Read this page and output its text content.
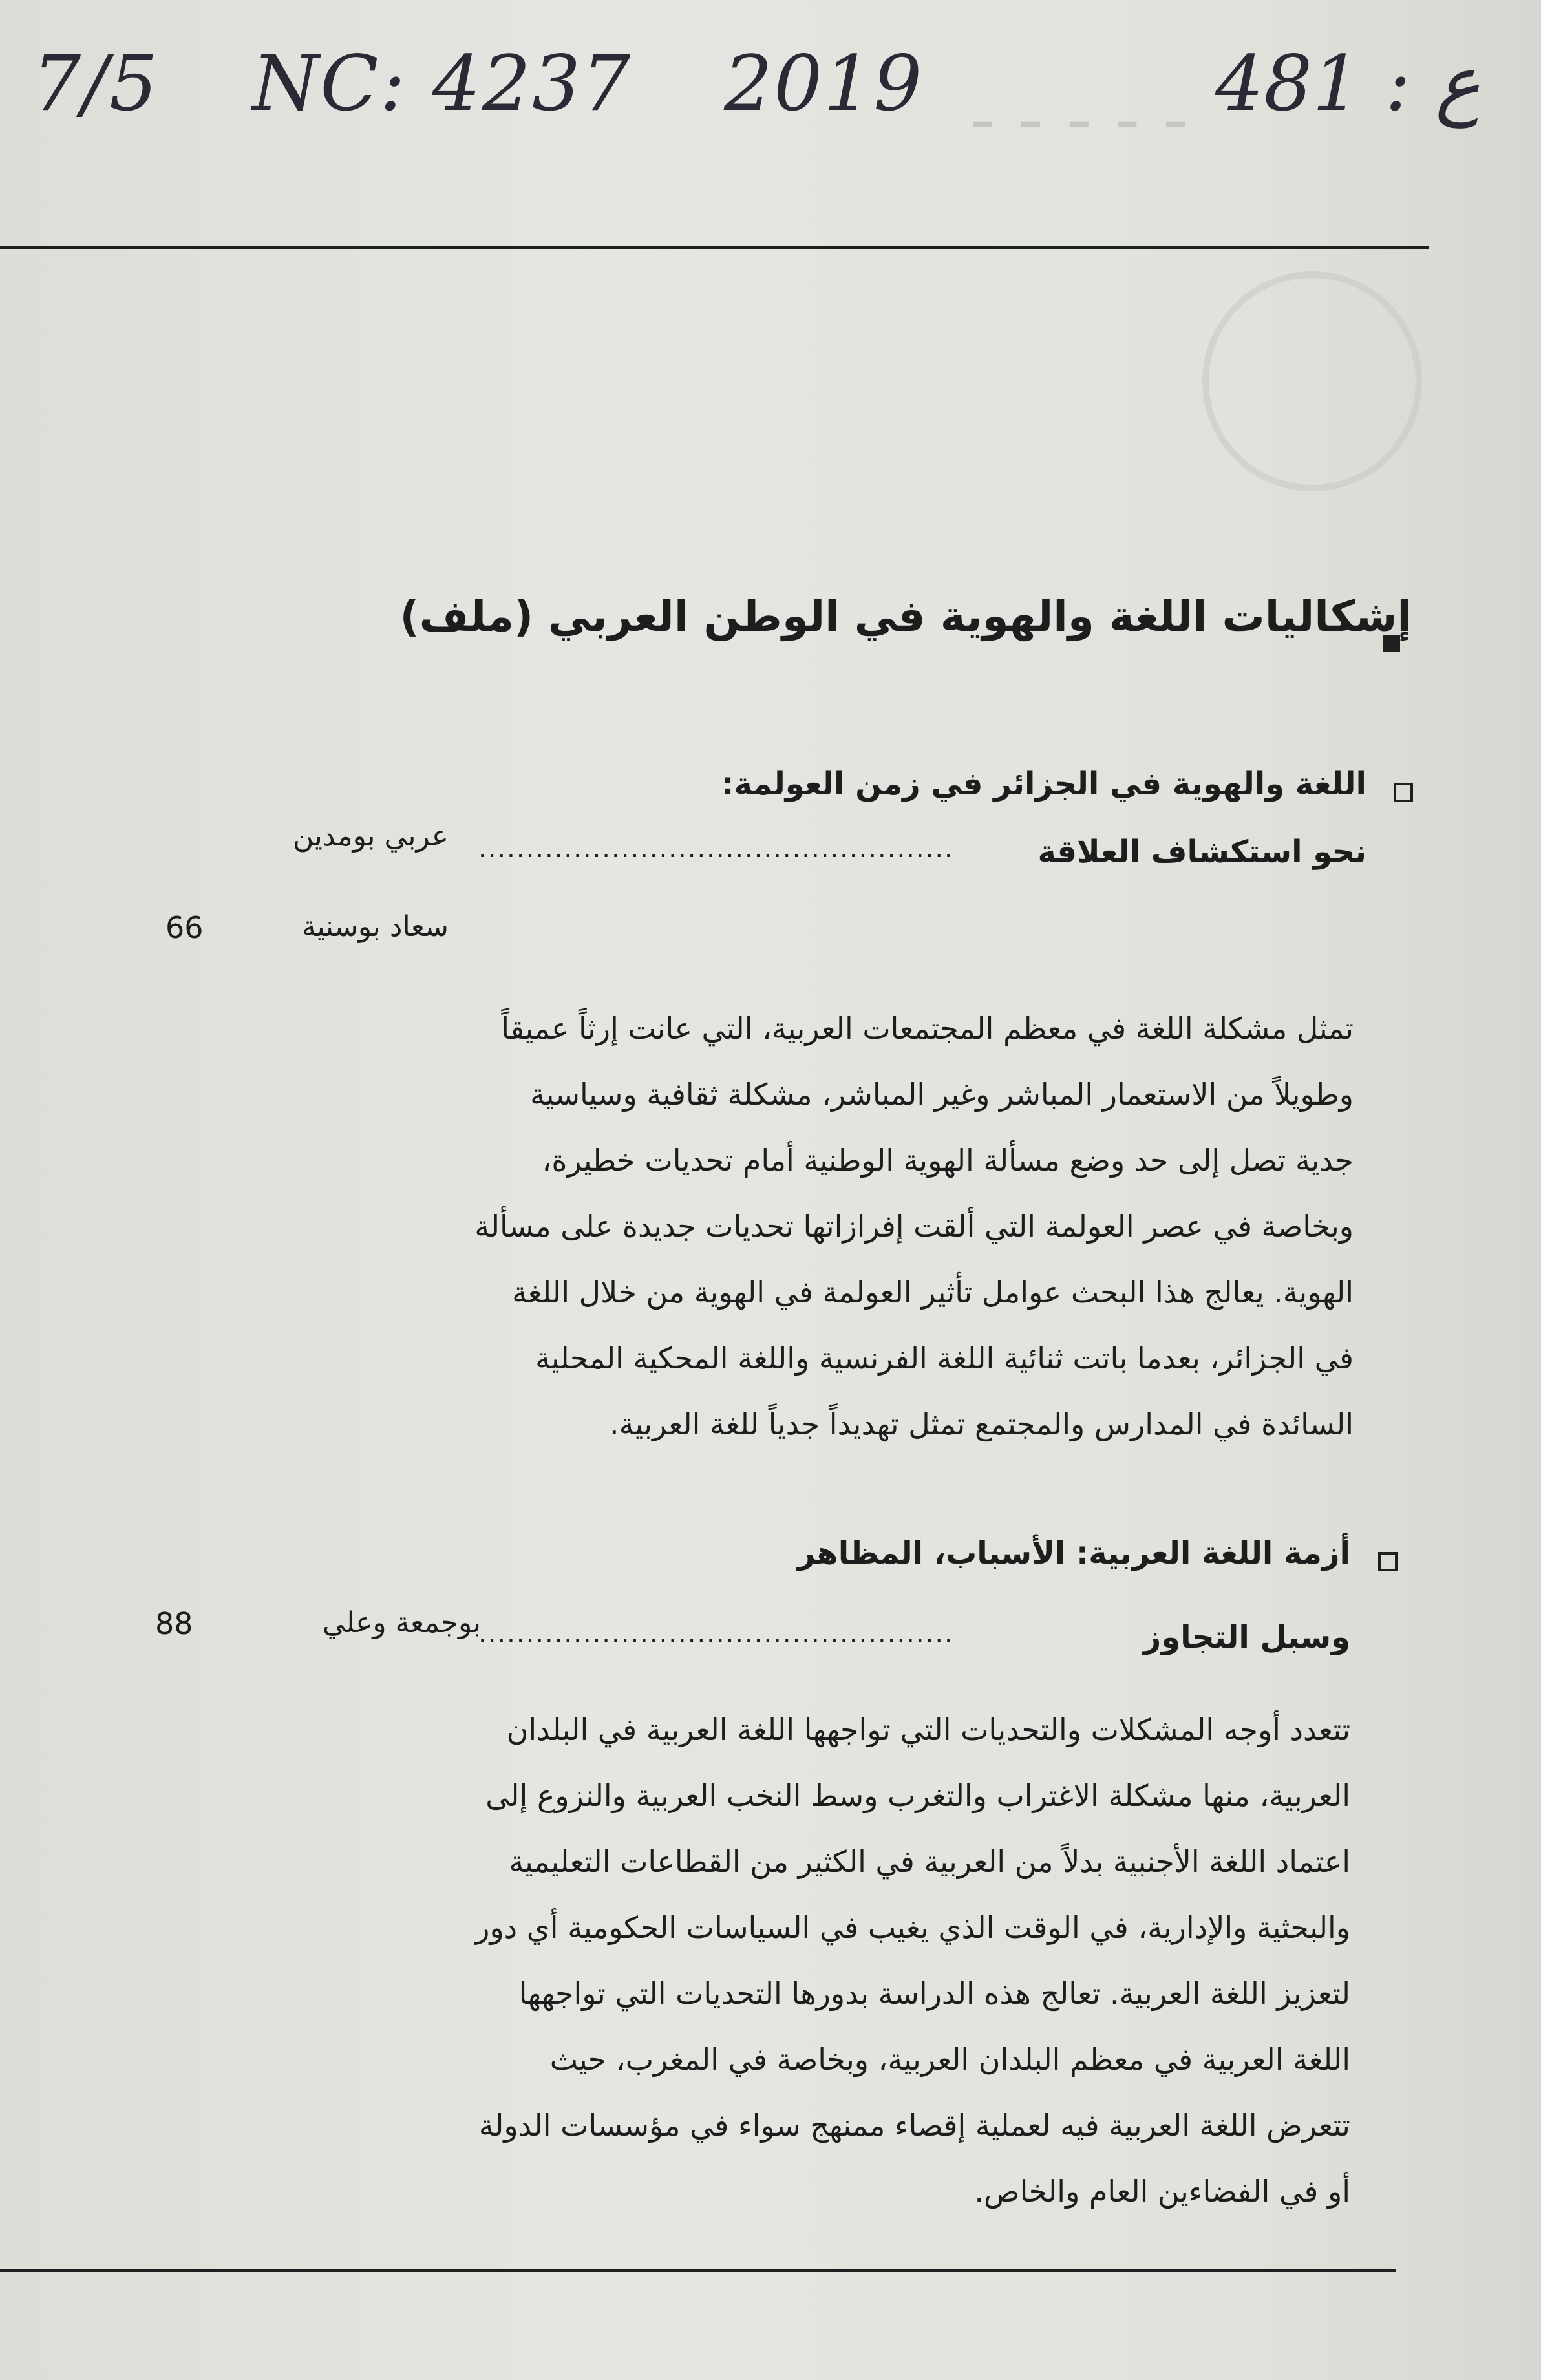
- - - - -
7/5 NC: 4237 2019	ع : 481
إشكاليات اللغة والهوية في الوطن العربي (ملف)
اللغة والهوية في الجزائر في زمن العولمة:
نحو استكشاف العلاقة
..................................................
عربي بومدين
سعاد بوسنية
66

تمثل مشكلة اللغة في معظم المجتمعات العربية، التي عانت إرثاً عميقاً

وطويلاً من الاستعمار المباشر وغير المباشر، مشكلة ثقافية وسياسية

جدية تصل إلى حد وضع مسألة الهوية الوطنية أمام تحديات خطيرة،

وبخاصة في عصر العولمة التي ألقت إفرازاتها تحديات جديدة على مسألة

الهوية. يعالج هذا البحث عوامل تأثير العولمة في الهوية من خلال اللغة

في الجزائر، بعدما باتت ثنائية اللغة الفرنسية واللغة المحكية المحلية

السائدة في المدارس والمجتمع تمثل تهديداً جدياً للغة العربية.

أزمة اللغة العربية: الأسباب، المظاهر
وسبل التجاوز
..................................................
بوجمعة وعلي
88

تتعدد أوجه المشكلات والتحديات التي تواجهها اللغة العربية في البلدان

العربية، منها مشكلة الاغتراب والتغرب وسط النخب العربية والنزوع إلى

اعتماد اللغة الأجنبية بدلاً من العربية في الكثير من القطاعات التعليمية

والبحثية والإدارية، في الوقت الذي يغيب في السياسات الحكومية أي دور

لتعزيز اللغة العربية. تعالج هذه الدراسة بدورها التحديات التي تواجهها

اللغة العربية في معظم البلدان العربية، وبخاصة في المغرب، حيث

تتعرض اللغة العربية فيه لعملية إقصاء ممنهج سواء في مؤسسات الدولة

أو في الفضاءين العام والخاص.
